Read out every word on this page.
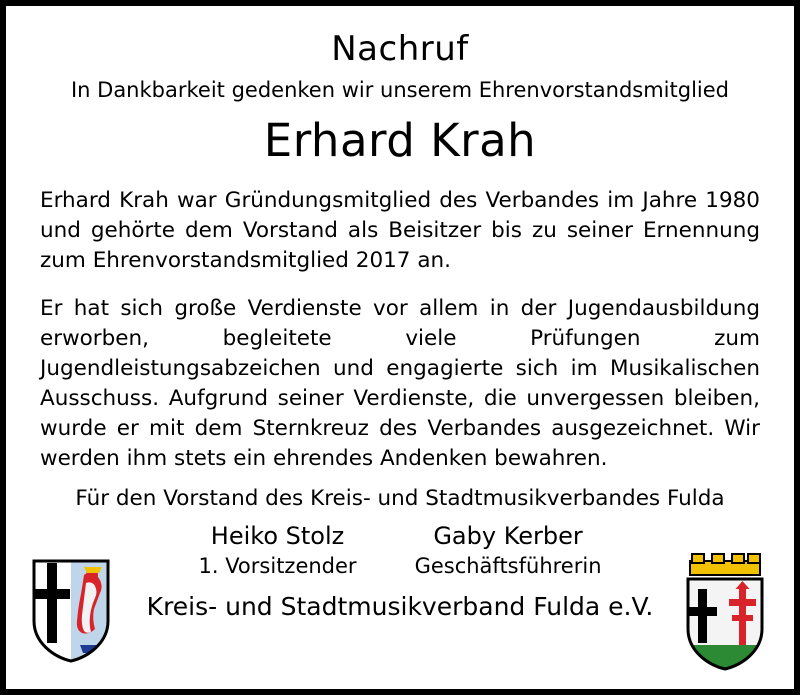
Nachruf
In Dankbarkeit gedenken wir unserem Ehrenvorstandsmitglied
Erhard Krah

Erhard Krah war Gründungsmitglied des Verbandes im Jahre 1980 und gehörte dem Vorstand als Beisitzer bis zu seiner Ernennung zum Ehrenvorstandsmitglied 2017 an.

Er hat sich große Verdienste vor allem in der Jugendausbildung erworben, begleitete viele Prüfungen zum Jugendleistungsabzeichen und engagierte sich im Musikalischen Ausschuss. Aufgrund seiner Verdienste, die unvergessen bleiben, wurde er mit dem Sternkreuz des Verbandes ausgezeichnet. Wir werden ihm stets ein ehrendes Andenken bewahren.

Für den Vorstand des Kreis- und Stadtmusikverbandes Fulda
Heiko Stolz
1. Vorsitzender
Gaby Kerber
Geschäftsführerin
Kreis- und Stadtmusikverband Fulda e.V.
